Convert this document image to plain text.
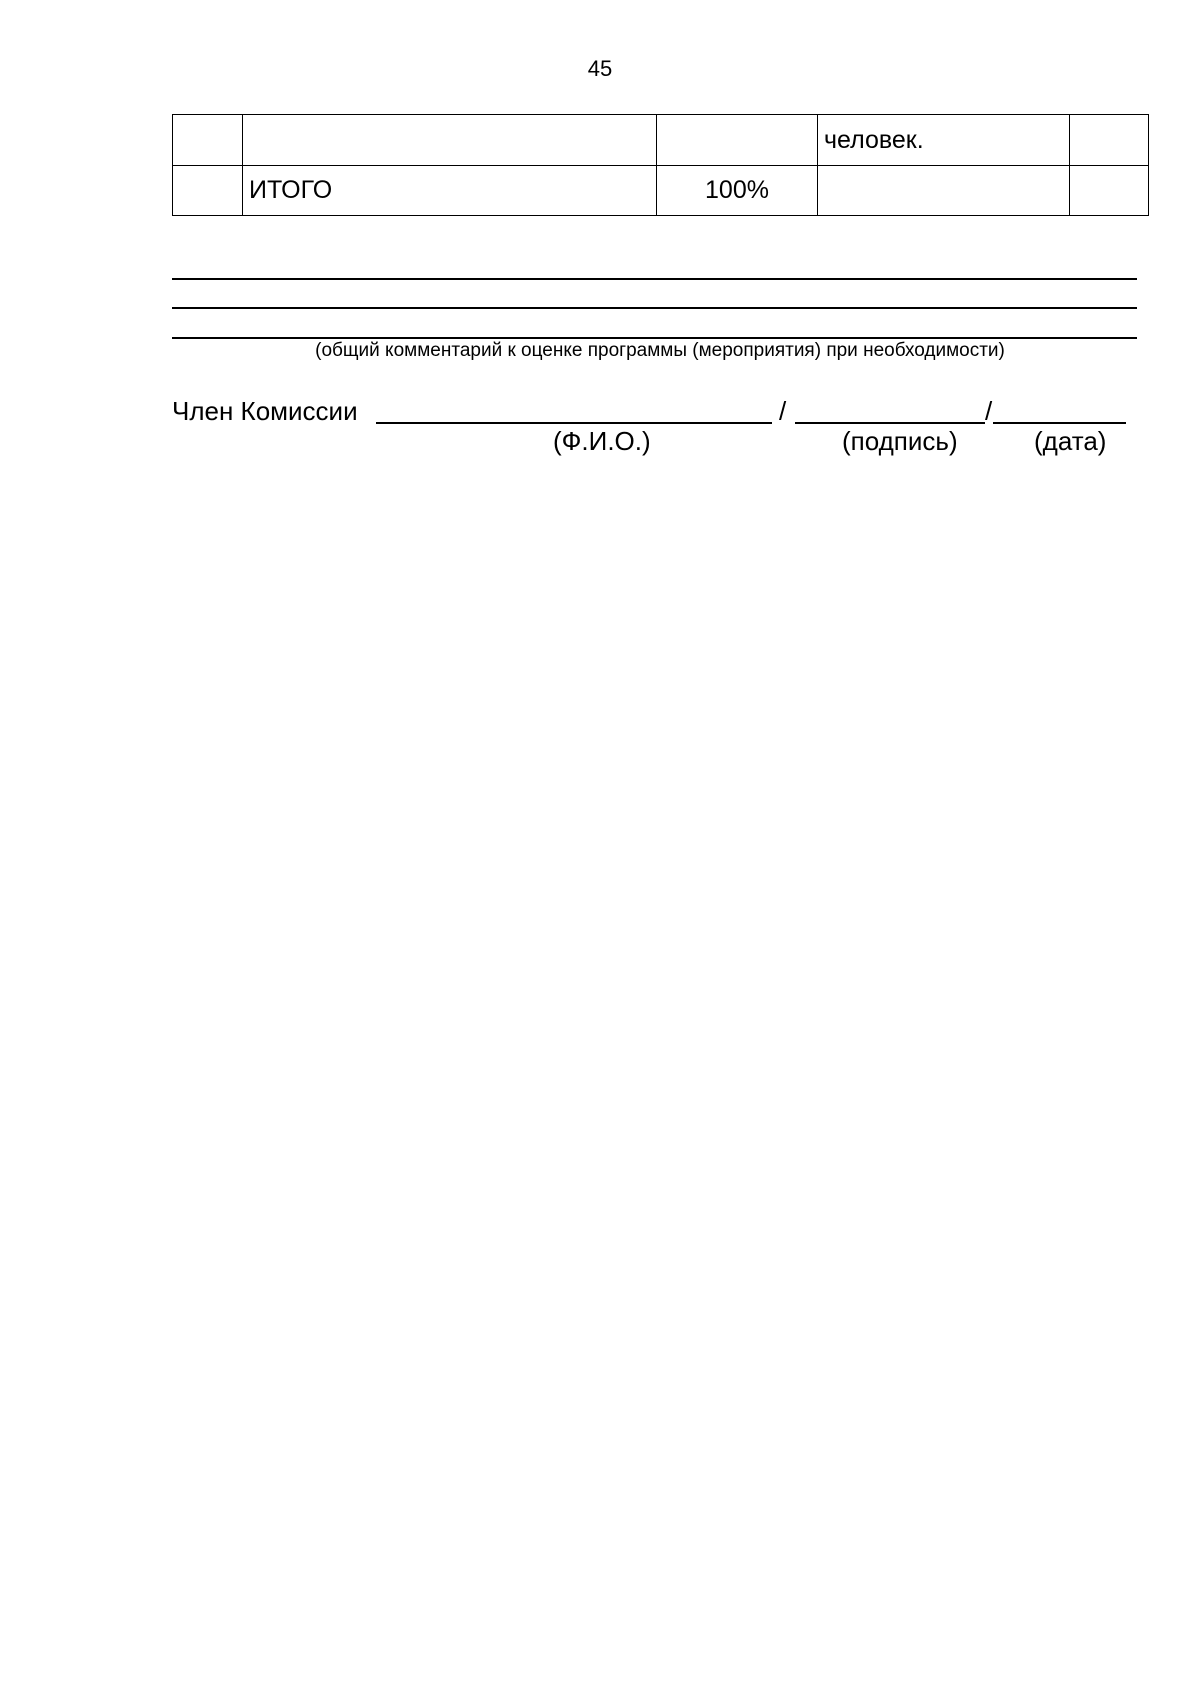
45
			человек.	
	ИТОГО	100%		
(общий комментарий к оценке программы (мероприятия) при необходимости)
Член Комиссии	/	/
(Ф.И.О.)	(подпись)	(дата)
